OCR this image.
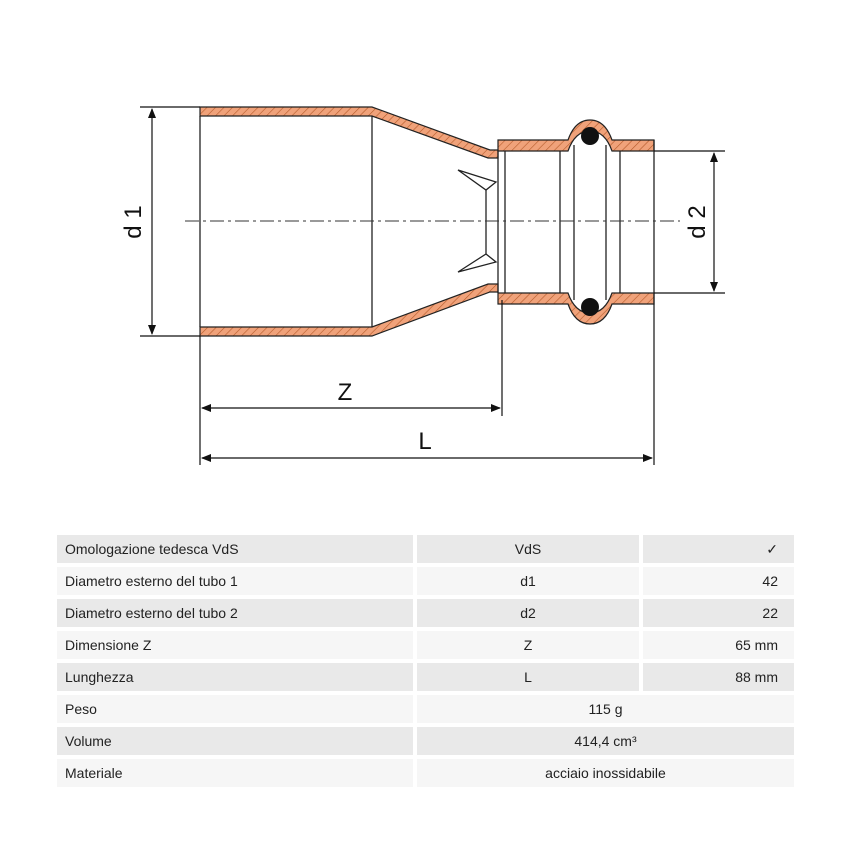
d 1	d 2
Z
L
Omologazione tedesca VdS	VdS	✓
Diametro esterno del tubo 1	d1	42
Diametro esterno del tubo 2	d2	22
Dimensione Z	Z	65 mm
Lunghezza	L	88 mm
Peso	115 g	
Volume	414,4 cm³	
Materiale	acciaio inossidabile	
